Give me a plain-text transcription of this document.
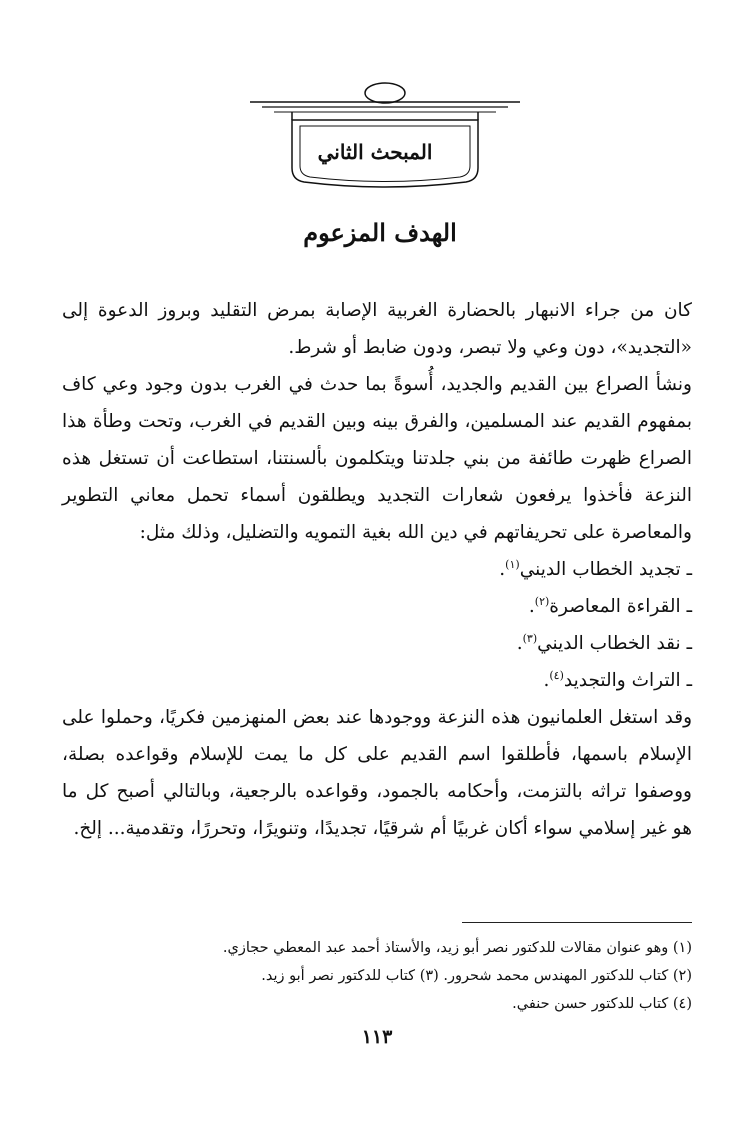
المبحث الثاني
الهدف المزعوم

كان من جراء الانبهار بالحضارة الغربية الإصابة بمرض التقليد وبروز الدعوة إلى «التجديد»، دون وعي ولا تبصر، ودون ضابط أو شرط.

ونشأ الصراع بين القديم والجديد، أُسوةً بما حدث في الغرب بدون وجود وعي كاف بمفهوم القديم عند المسلمين، والفرق بينه وبين القديم في الغرب، وتحت وطأة هذا الصراع ظهرت طائفة من بني جلدتنا ويتكلمون بألسنتنا، استطاعت أن تستغل هذه النزعة فأخذوا يرفعون شعارات التجديد ويطلقون أسماء تحمل معاني التطوير والمعاصرة على تحريفاتهم في دين الله بغية التمويه والتضليل، وذلك مثل:

ـ تجديد الخطاب الديني$^{(١)}$.
ـ القراءة المعاصرة$^{(٢)}$.
ـ نقد الخطاب الديني$^{(٣)}$.
ـ التراث والتجديد$^{(٤)}$.

وقد استغل العلمانيون هذه النزعة ووجودها عند بعض المنهزمين فكريًا، وحملوا على الإسلام باسمها، فأطلقوا اسم القديم على كل ما يمت للإسلام وقواعده بصلة، ووصفوا تراثه بالتزمت، وأحكامه بالجمود، وقواعده بالرجعية، وبالتالي أصبح كل ما هو غير إسلامي سواء أكان غربيًا أم شرقيًا، تجديدًا، وتنويرًا، وتحررًا، وتقدمية... إلخ.

(١) وهو عنوان مقالات للدكتور نصر أبو زيد، والأستاذ أحمد عبد المعطي حجازي.
(٢) كتاب للدكتور المهندس محمد شحرور. (٣) كتاب للدكتور نصر أبو زيد.
(٤) كتاب للدكتور حسن حنفي.
١١٣
